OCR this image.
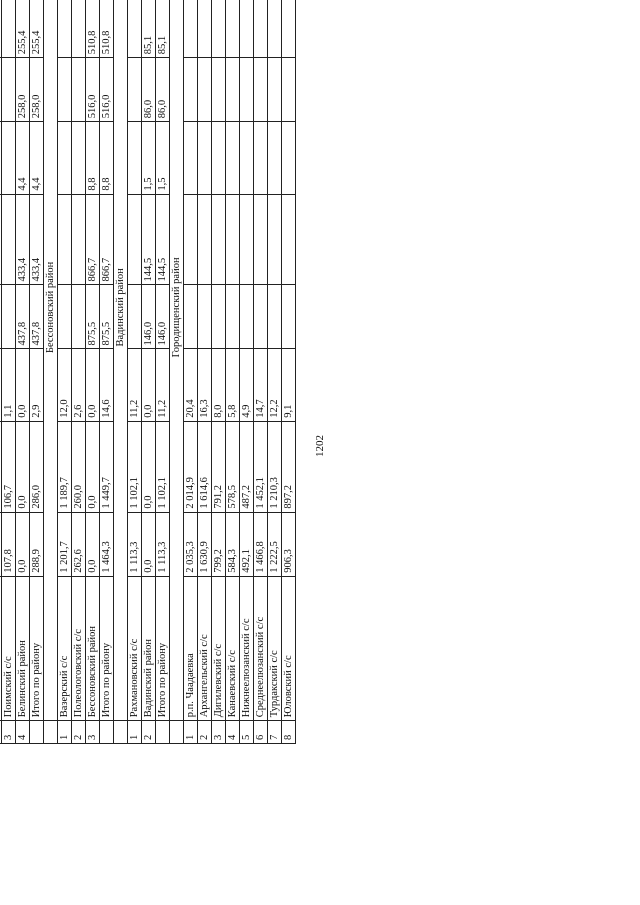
1202

3	Поимский с/с	107,8	106,7	1,1						
4	Белинский район	0,0	0,0	0,0	437,8	433,4	4,4	258,0	255,4	
	Итого по району	288,9	286,0	2,9	437,8	433,4	4,4	258,0	255,4	
	Бессоновский район									
1	Вазерский с/с	1 201,7	1 189,7	12,0						
2	Полеологовский с/с	262,6	260,0	2,6						
3	Бессоновский район	0,0	0,0	0,0	875,5	866,7	8,8	516,0	510,8	
	Итого по району	1 464,3	1 449,7	14,6	875,5	866,7	8,8	516,0	510,8	
	Вадинский район									
1	Рахмановский с/с	1 113,3	1 102,1	11,2						
2	Вадинский район	0,0	0,0	0,0	146,0	144,5	1,5	86,0	85,1	
	Итого по району	1 113,3	1 102,1	11,2	146,0	144,5	1,5	86,0	85,1	
	Городищенский район									
1	р.п. Чаадаевка	2 035,3	2 014,9	20,4						
2	Архангельский с/с	1 630,9	1 614,6	16,3						
3	Дигилевский с/с	799,2	791,2	8,0						
4	Канаевский с/с	584,3	578,5	5,8						
5	Нижнеелюзанский с/с	492,1	487,2	4,9						
6	Среднеелюзанский с/с	1 466,8	1 452,1	14,7						
7	Турдакский с/с	1 222,5	1 210,3	12,2						
8	Юловский с/с	906,3	897,2	9,1						
